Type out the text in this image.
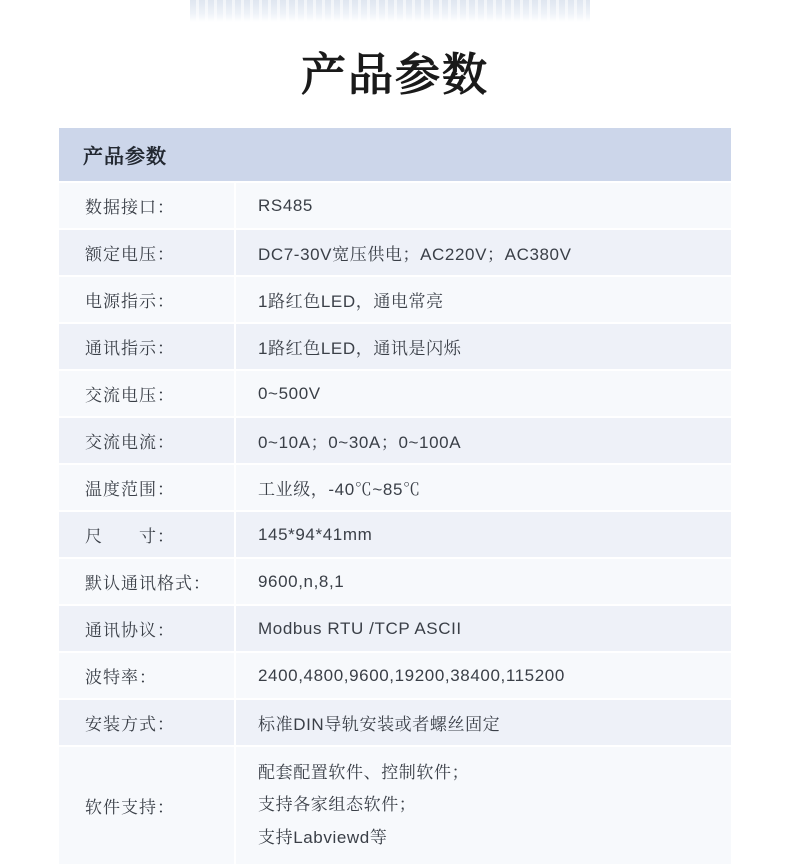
产品参数
产品参数	
数据接口：	RS485
额定电压：	DC7-30V宽压供电；AC220V；AC380V
电源指示：	1路红色LED，通电常亮
通讯指示：	1路红色LED，通讯是闪烁
交流电压：	0~500V
交流电流：	0~10A；0~30A；0~100A
温度范围：	工业级，-40℃~85℃
尺　　寸：	145*94*41mm
默认通讯格式：	9600,n,8,1
通讯协议：	Modbus RTU /TCP ASCII
波特率：	2400,4800,9600,19200,38400,115200
安装方式：	标准DIN导轨安装或者螺丝固定
软件支持：	配套配置软件、控制软件；
支持各家组态软件；
支持Labviewd等
